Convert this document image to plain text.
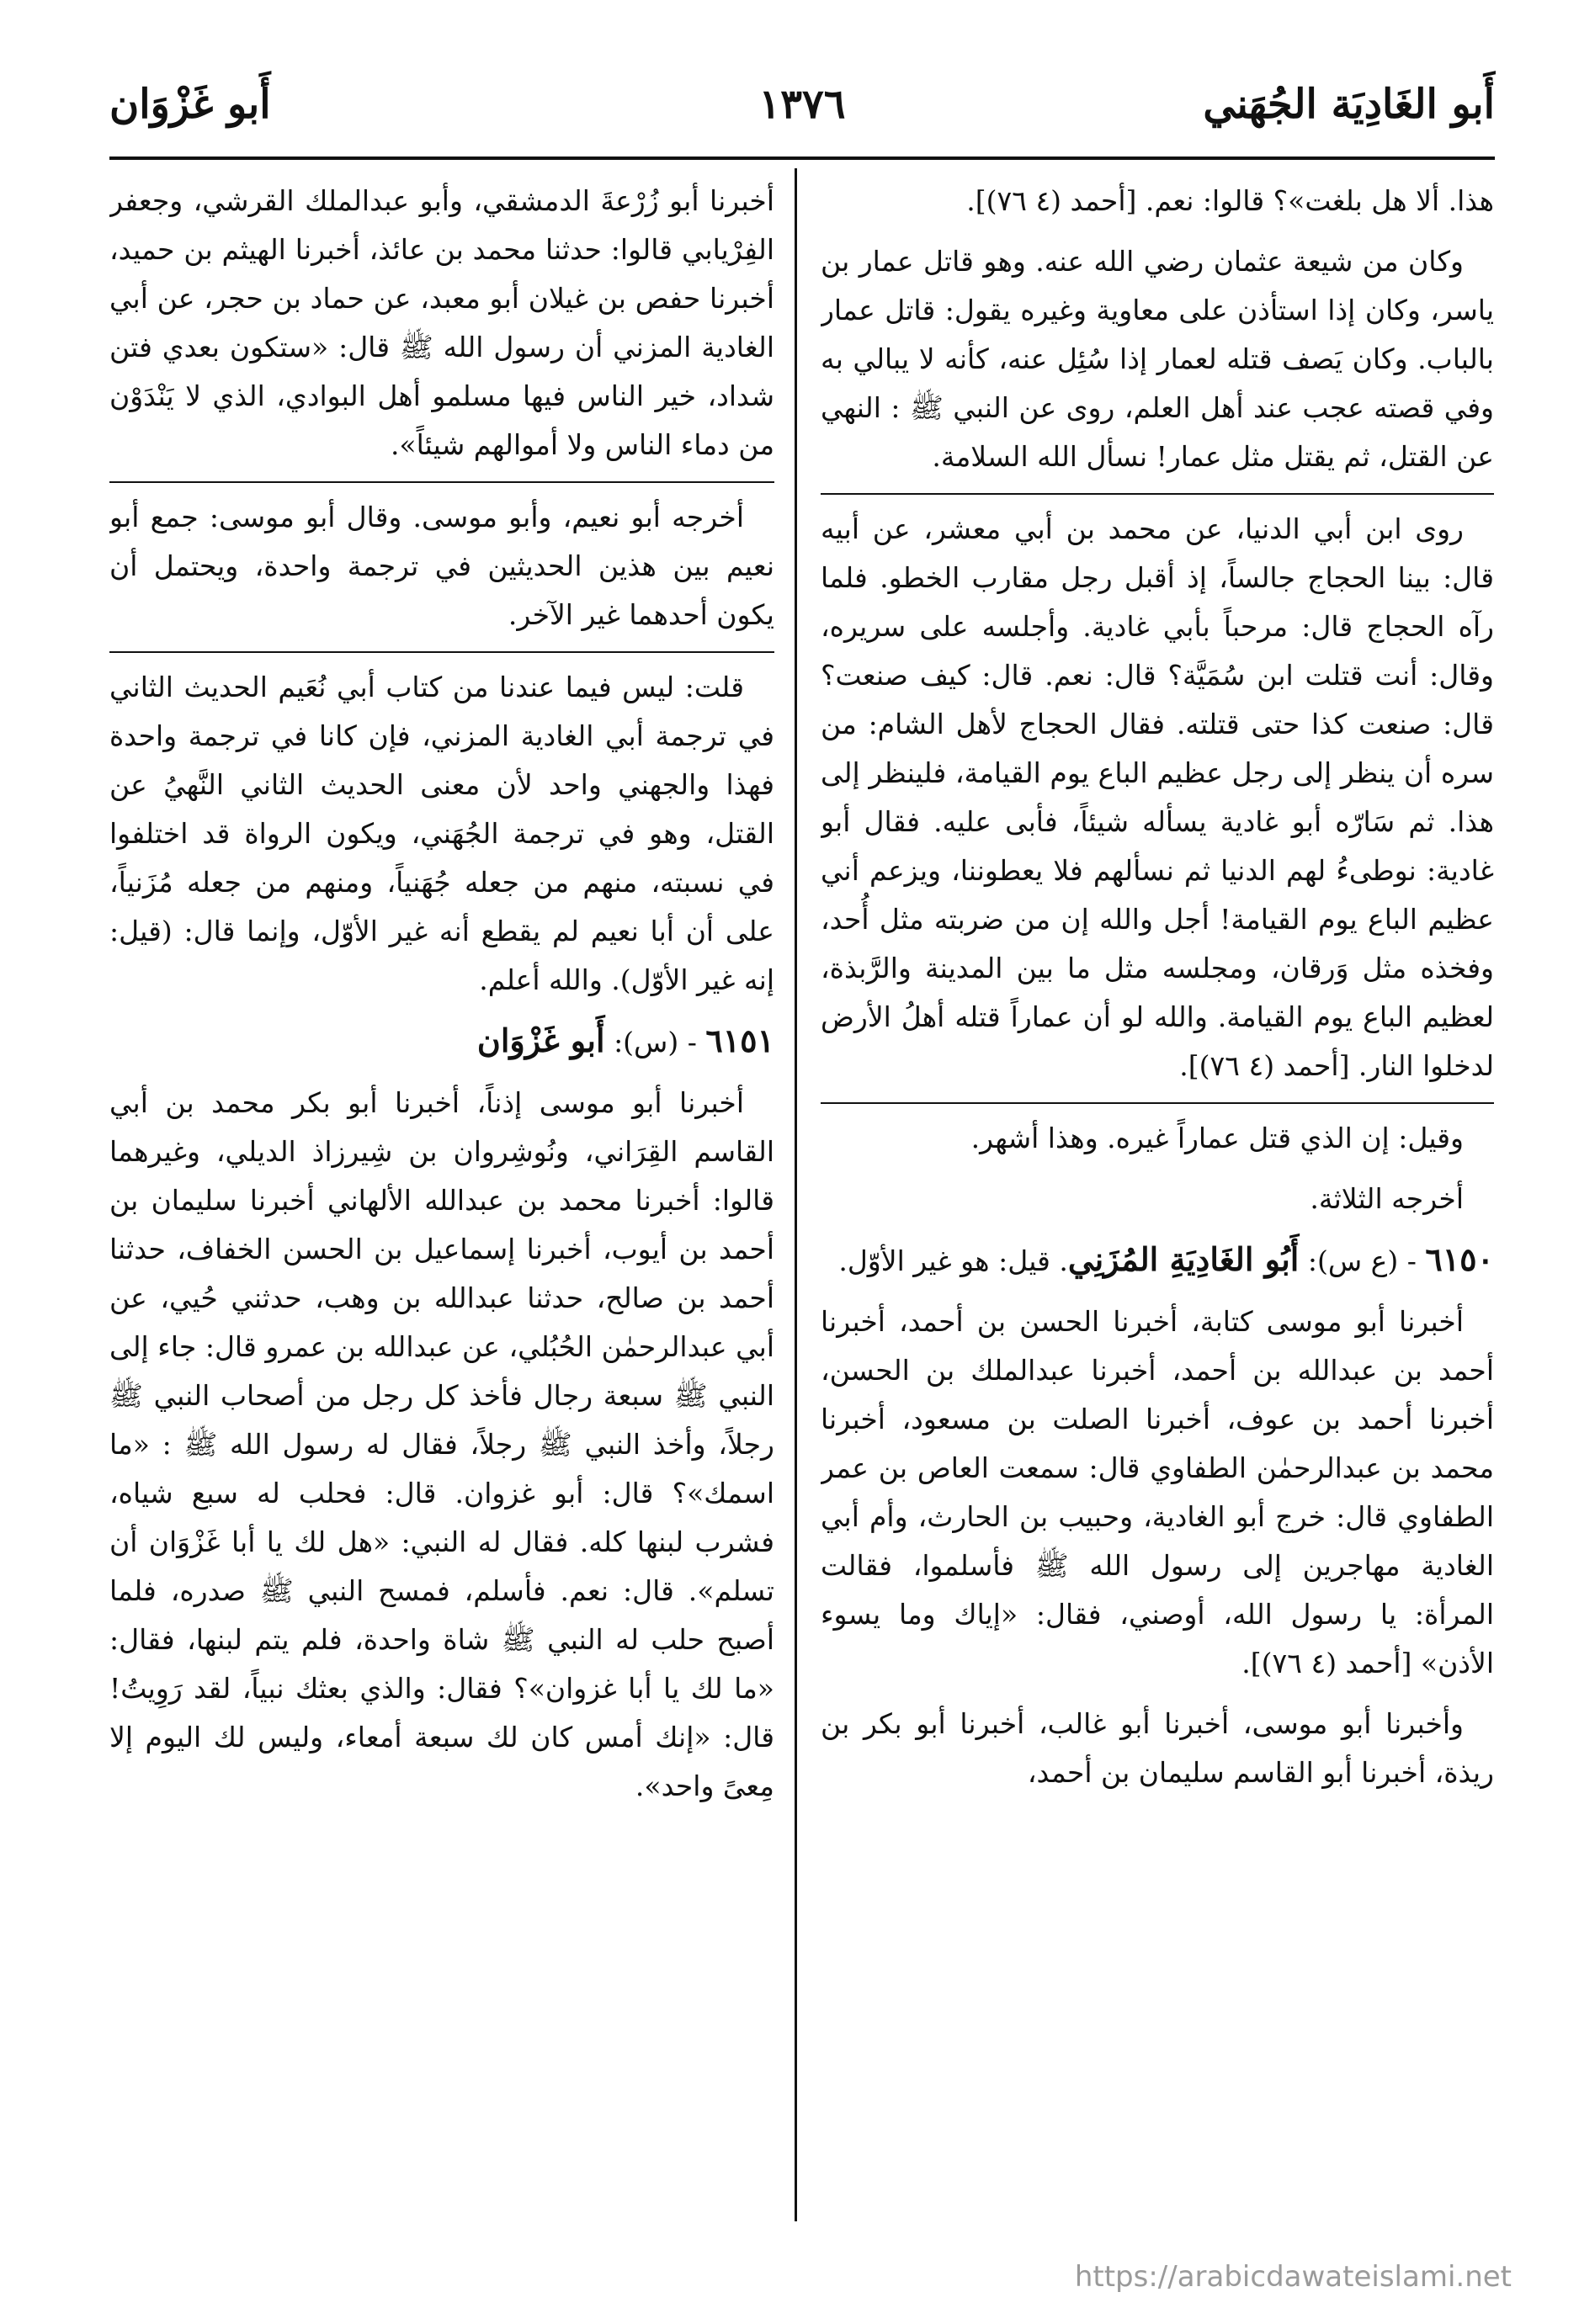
أَبو الغَادِيَة الجُهَني
١٣٧٦
أَبو غَزْوَان

هذا. ألا هل بلغت»؟ قالوا: نعم. [أحمد (٤ ٧٦)].

وكان من شيعة عثمان رضي الله عنه. وهو قاتل عمار بن ياسر، وكان إذا استأذن على معاوية وغيره يقول: قاتل عمار بالباب. وكان يَصف قتله لعمار إذا سُئِل عنه، كأنه لا يبالي به وفي قصته عجب عند أهل العلم، روى عن النبي ﷺ : النهي عن القتل، ثم يقتل مثل عمار! نسأل الله السلامة.

روى ابن أبي الدنيا، عن محمد بن أبي معشر، عن أبيه قال: بينا الحجاج جالساً، إذ أقبل رجل مقارب الخطو. فلما رآه الحجاج قال: مرحباً بأبي غادية. وأجلسه على سريره، وقال: أنت قتلت ابن سُمَيَّة؟ قال: نعم. قال: كيف صنعت؟ قال: صنعت كذا حتى قتلته. فقال الحجاج لأهل الشام: من سره أن ينظر إلى رجل عظيم الباع يوم القيامة، فلينظر إلى هذا. ثم سَارّه أبو غادية يسأله شيئاً، فأبى عليه. فقال أبو غادية: نوطىءُ لهم الدنيا ثم نسألهم فلا يعطوننا، ويزعم أني عظيم الباع يوم القيامة! أجل والله إن من ضربته مثل أُحد، وفخذه مثل وَرقان، ومجلسه مثل ما بين المدينة والرَّبذة، لعظيم الباع يوم القيامة. والله لو أن عماراً قتله أهلُ الأرض لدخلوا النار. [أحمد (٤ ٧٦)].

وقيل: إن الذي قتل عماراً غيره. وهذا أشهر.

أخرجه الثلاثة.

٦١٥٠ - (ع س): أَبُو الغَادِيَةِ المُزَنِي. قيل: هو غير الأوّل.

أخبرنا أبو موسى كتابة، أخبرنا الحسن بن أحمد، أخبرنا أحمد بن عبدالله بن أحمد، أخبرنا عبدالملك بن الحسن، أخبرنا أحمد بن عوف، أخبرنا الصلت بن مسعود، أخبرنا محمد بن عبدالرحمٰن الطفاوي قال: سمعت العاص بن عمر الطفاوي قال: خرج أبو الغادية، وحبيب بن الحارث، وأم أبي الغادية مهاجرين إلى رسول الله ﷺ فأسلموا، فقالت المرأة: يا رسول الله، أوصني، فقال: «إياك وما يسوء الأذن» [أحمد (٤ ٧٦)].

وأخبرنا أبو موسى، أخبرنا أبو غالب، أخبرنا أبو بكر بن ريذة، أخبرنا أبو القاسم سليمان بن أحمد،

أخبرنا أبو زُرْعةَ الدمشقي، وأبو عبدالملك القرشي، وجعفر الفِرْيابي قالوا: حدثنا محمد بن عائذ، أخبرنا الهيثم بن حميد، أخبرنا حفص بن غيلان أبو معبد، عن حماد بن حجر، عن أبي الغادية المزني أن رسول الله ﷺ قال: «ستكون بعدي فتن شداد، خير الناس فيها مسلمو أهل البوادي، الذي لا يَنْدَوْن من دماء الناس ولا أموالهم شيئاً».

أخرجه أبو نعيم، وأبو موسى. وقال أبو موسى: جمع أبو نعيم بين هذين الحديثين في ترجمة واحدة، ويحتمل أن يكون أحدهما غير الآخر.

قلت: ليس فيما عندنا من كتاب أبي نُعَيم الحديث الثاني في ترجمة أبي الغادية المزني، فإن كانا في ترجمة واحدة فهذا والجهني واحد لأن معنى الحديث الثاني النَّهيُ عن القتل، وهو في ترجمة الجُهَني، ويكون الرواة قد اختلفوا في نسبته، منهم من جعله جُهَنياً، ومنهم من جعله مُزَنياً، على أن أبا نعيم لم يقطع أنه غير الأوّل، وإنما قال: (قيل: إنه غير الأوّل). والله أعلم.

٦١٥١ - (س): أَبو غَزْوَان

أخبرنا أبو موسى إذناً، أخبرنا أبو بكر محمد بن أبي القاسم القِرَاني، ونُوشِروان بن شِيرزاذ الديلي، وغيرهما قالوا: أخبرنا محمد بن عبدالله الألهاني أخبرنا سليمان بن أحمد بن أيوب، أخبرنا إسماعيل بن الحسن الخفاف، حدثنا أحمد بن صالح، حدثنا عبدالله بن وهب، حدثني حُيي، عن أبي عبدالرحمٰن الحُبُلي، عن عبدالله بن عمرو قال: جاء إلى النبي ﷺ سبعة رجال فأخذ كل رجل من أصحاب النبي ﷺ رجلاً، وأخذ النبي ﷺ رجلاً، فقال له رسول الله ﷺ : «ما اسمك»؟ قال: أبو غزوان. قال: فحلب له سبع شياه، فشرب لبنها كله. فقال له النبي: «هل لك يا أبا غَزْوَان أن تسلم». قال: نعم. فأسلم، فمسح النبي ﷺ صدره، فلما أصبح حلب له النبي ﷺ شاة واحدة، فلم يتم لبنها، فقال: «ما لك يا أبا غزوان»؟ فقال: والذي بعثك نبياً، لقد رَوِيتُ! قال: «إنك أمس كان لك سبعة أمعاء، وليس لك اليوم إلا مِعىً واحد».

https://arabicdawateislami.net
